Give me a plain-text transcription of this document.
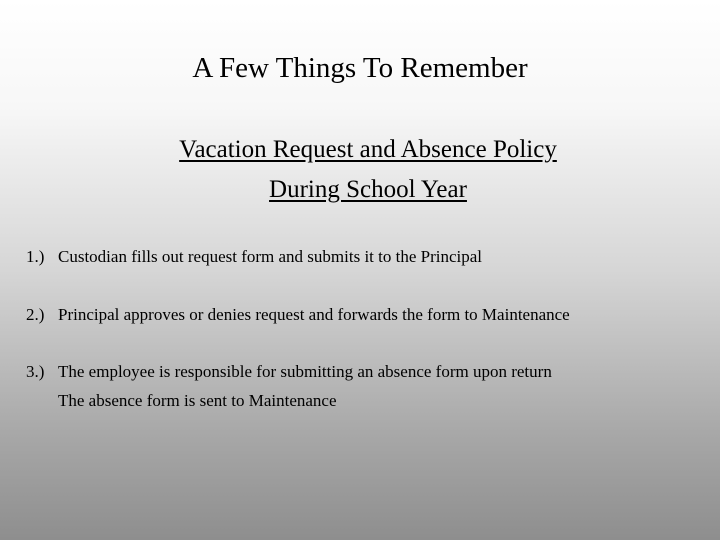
A Few Things To Remember
Vacation Request and Absence Policy
During School Year
1.) Custodian fills out request form and submits it to the Principal
2.) Principal approves or denies request and forwards the form to Maintenance
3.) The employee is responsible for submitting an absence form upon return
The absence form is sent to Maintenance
